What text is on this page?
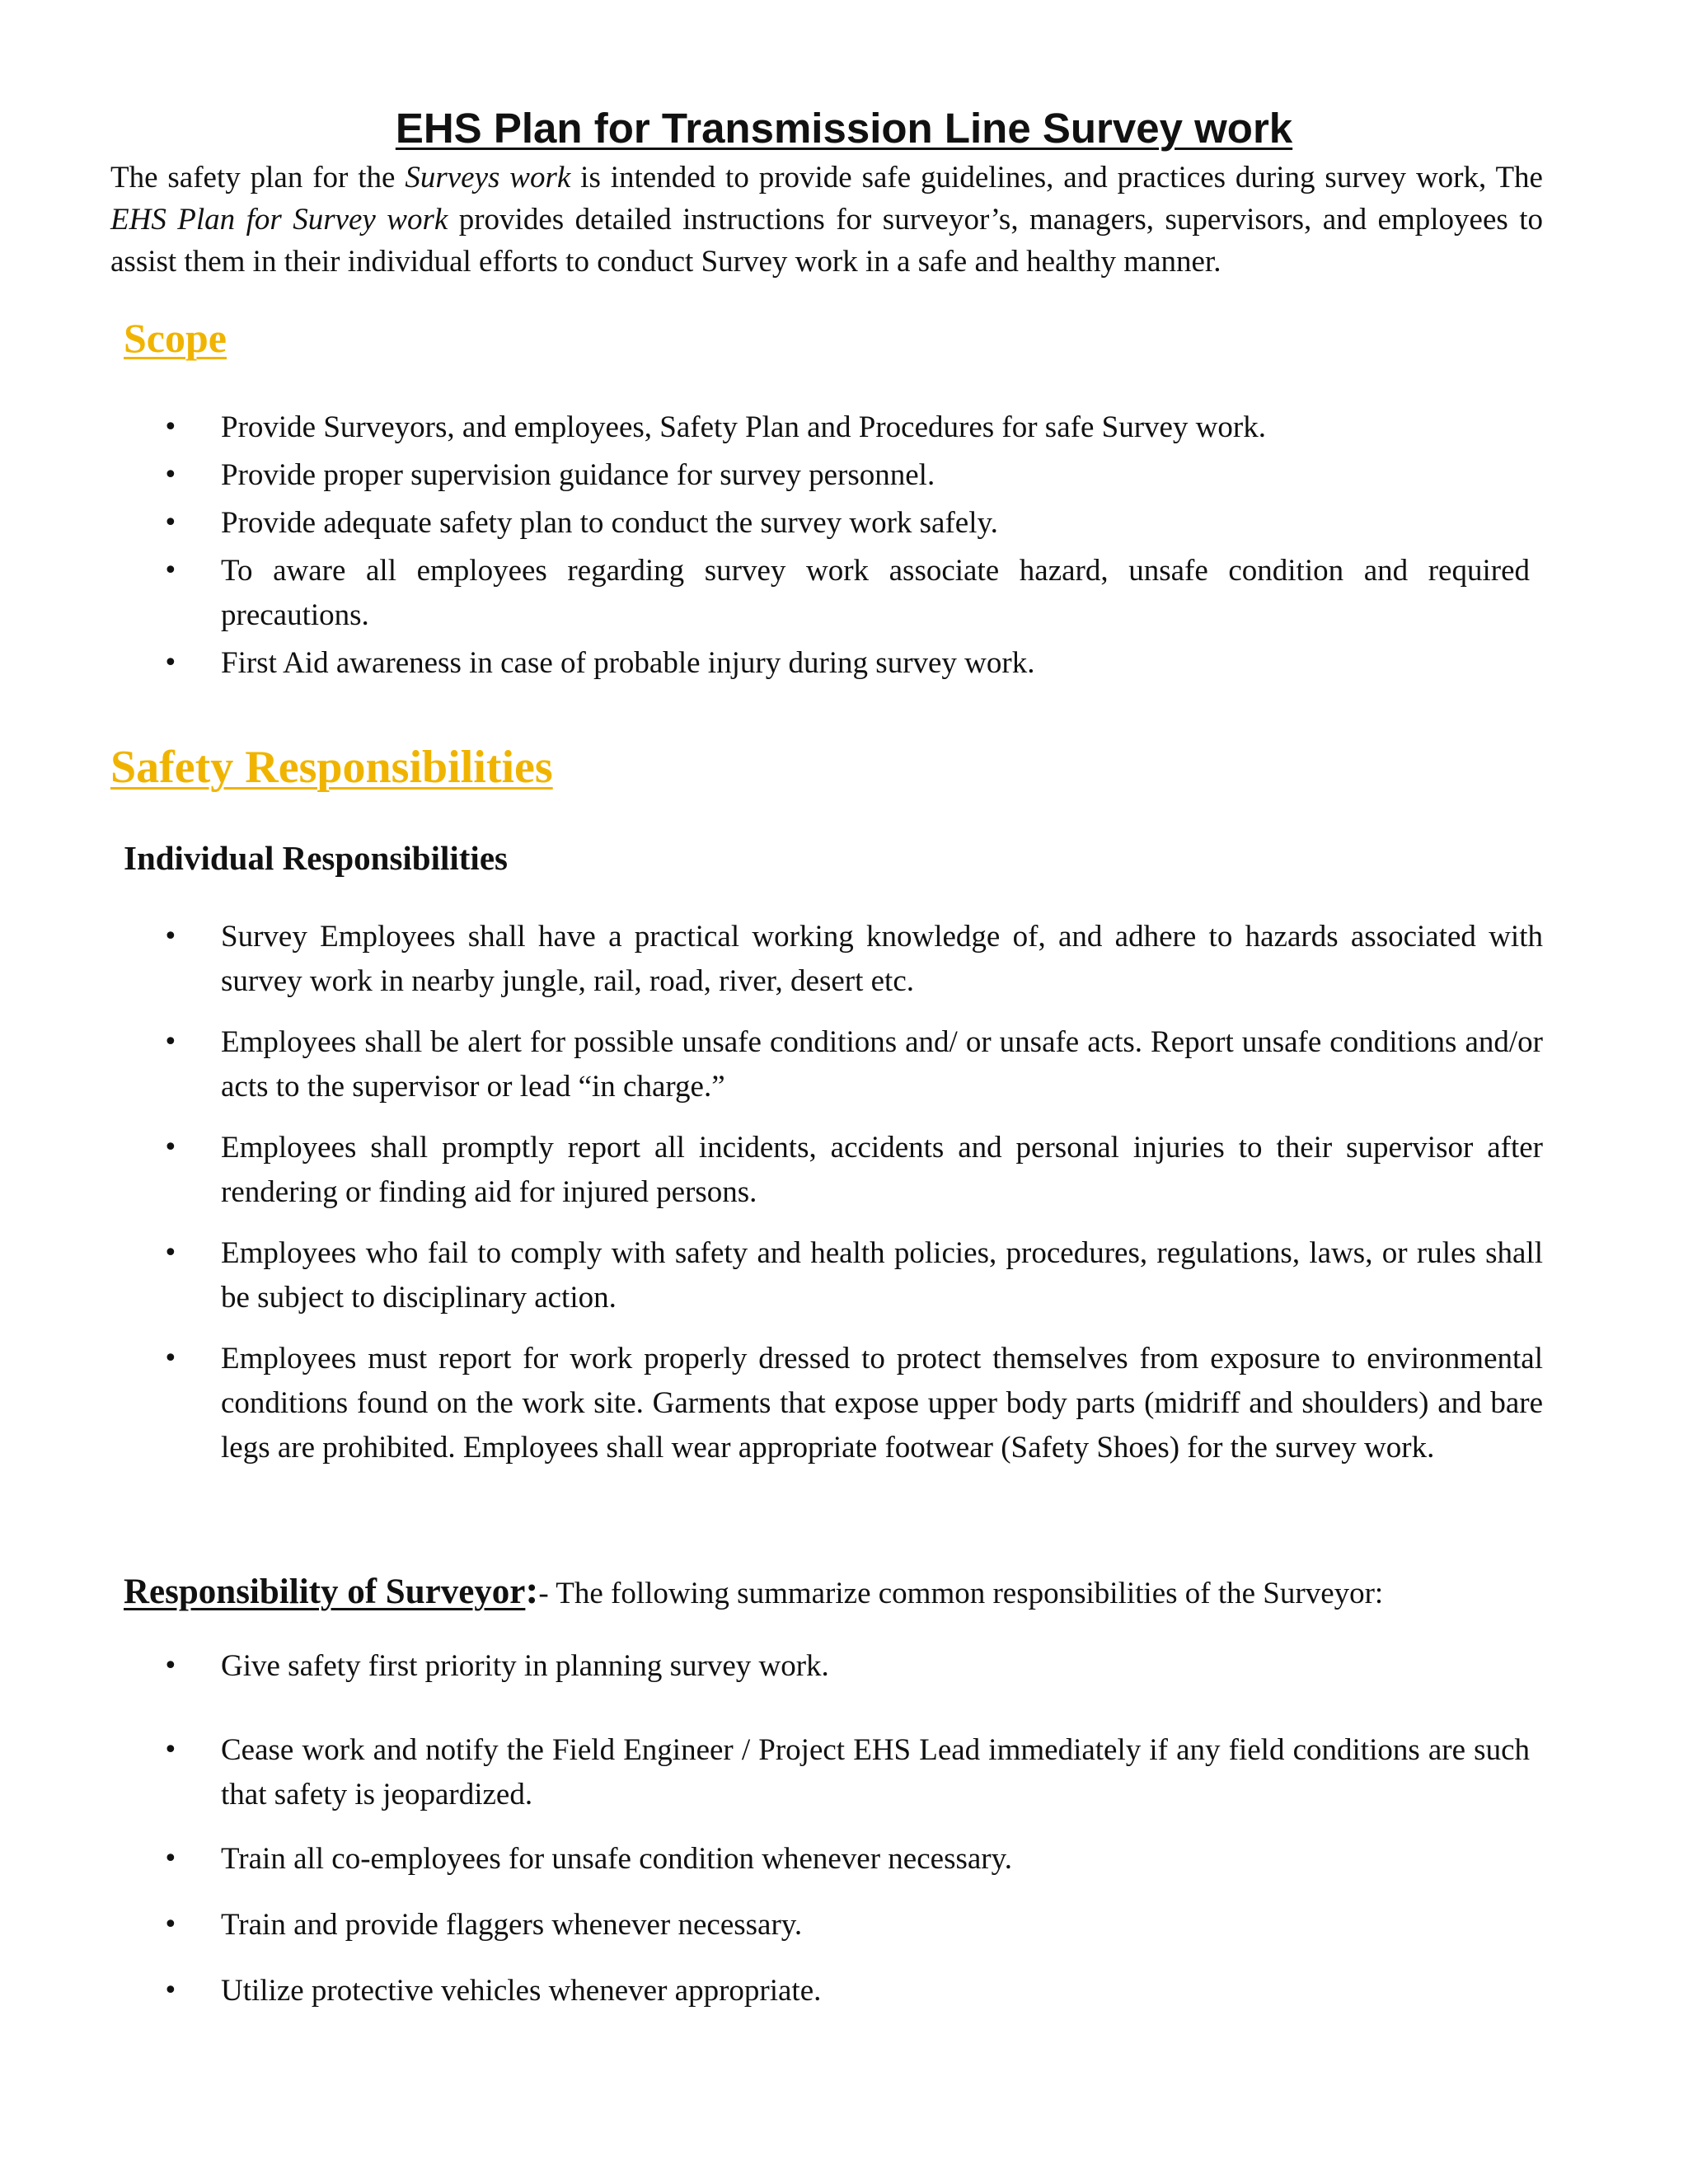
EHS Plan for Transmission Line Survey work
The safety plan for the Surveys work is intended to provide safe guidelines, and practices during survey work, The EHS Plan for Survey work provides detailed instructions for surveyor’s, managers, supervisors, and employees to assist them in their individual efforts to conduct Survey work in a safe and healthy manner.
Scope
• Provide Surveyors, and employees, Safety Plan and Procedures for safe Survey work.
• Provide proper supervision guidance for survey personnel.
• Provide adequate safety plan to conduct the survey work safely.
• To aware all employees regarding survey work associate hazard, unsafe condition and required precautions.
• First Aid awareness in case of probable injury during survey work.
Safety Responsibilities
Individual Responsibilities
• Survey Employees shall have a practical working knowledge of, and adhere to hazards associated with survey work in nearby jungle, rail, road, river, desert etc.
• Employees shall be alert for possible unsafe conditions and/ or unsafe acts. Report unsafe conditions and/or acts to the supervisor or lead “in charge.”
• Employees shall promptly report all incidents, accidents and personal injuries to their supervisor after rendering or finding aid for injured persons.
• Employees who fail to comply with safety and health policies, procedures, regulations, laws, or rules shall be subject to disciplinary action.
• Employees must report for work properly dressed to protect themselves from exposure to environmental conditions found on the work site. Garments that expose upper body parts (midriff and shoulders) and bare legs are prohibited. Employees shall wear appropriate footwear (Safety Shoes) for the survey work.
Responsibility of Surveyor:- The following summarize common responsibilities of the Surveyor:
• Give safety first priority in planning survey work.
• Cease work and notify the Field Engineer / Project EHS Lead immediately if any field conditions are such that safety is jeopardized.
• Train all co-employees for unsafe condition whenever necessary.
• Train and provide flaggers whenever necessary.
• Utilize protective vehicles whenever appropriate.
